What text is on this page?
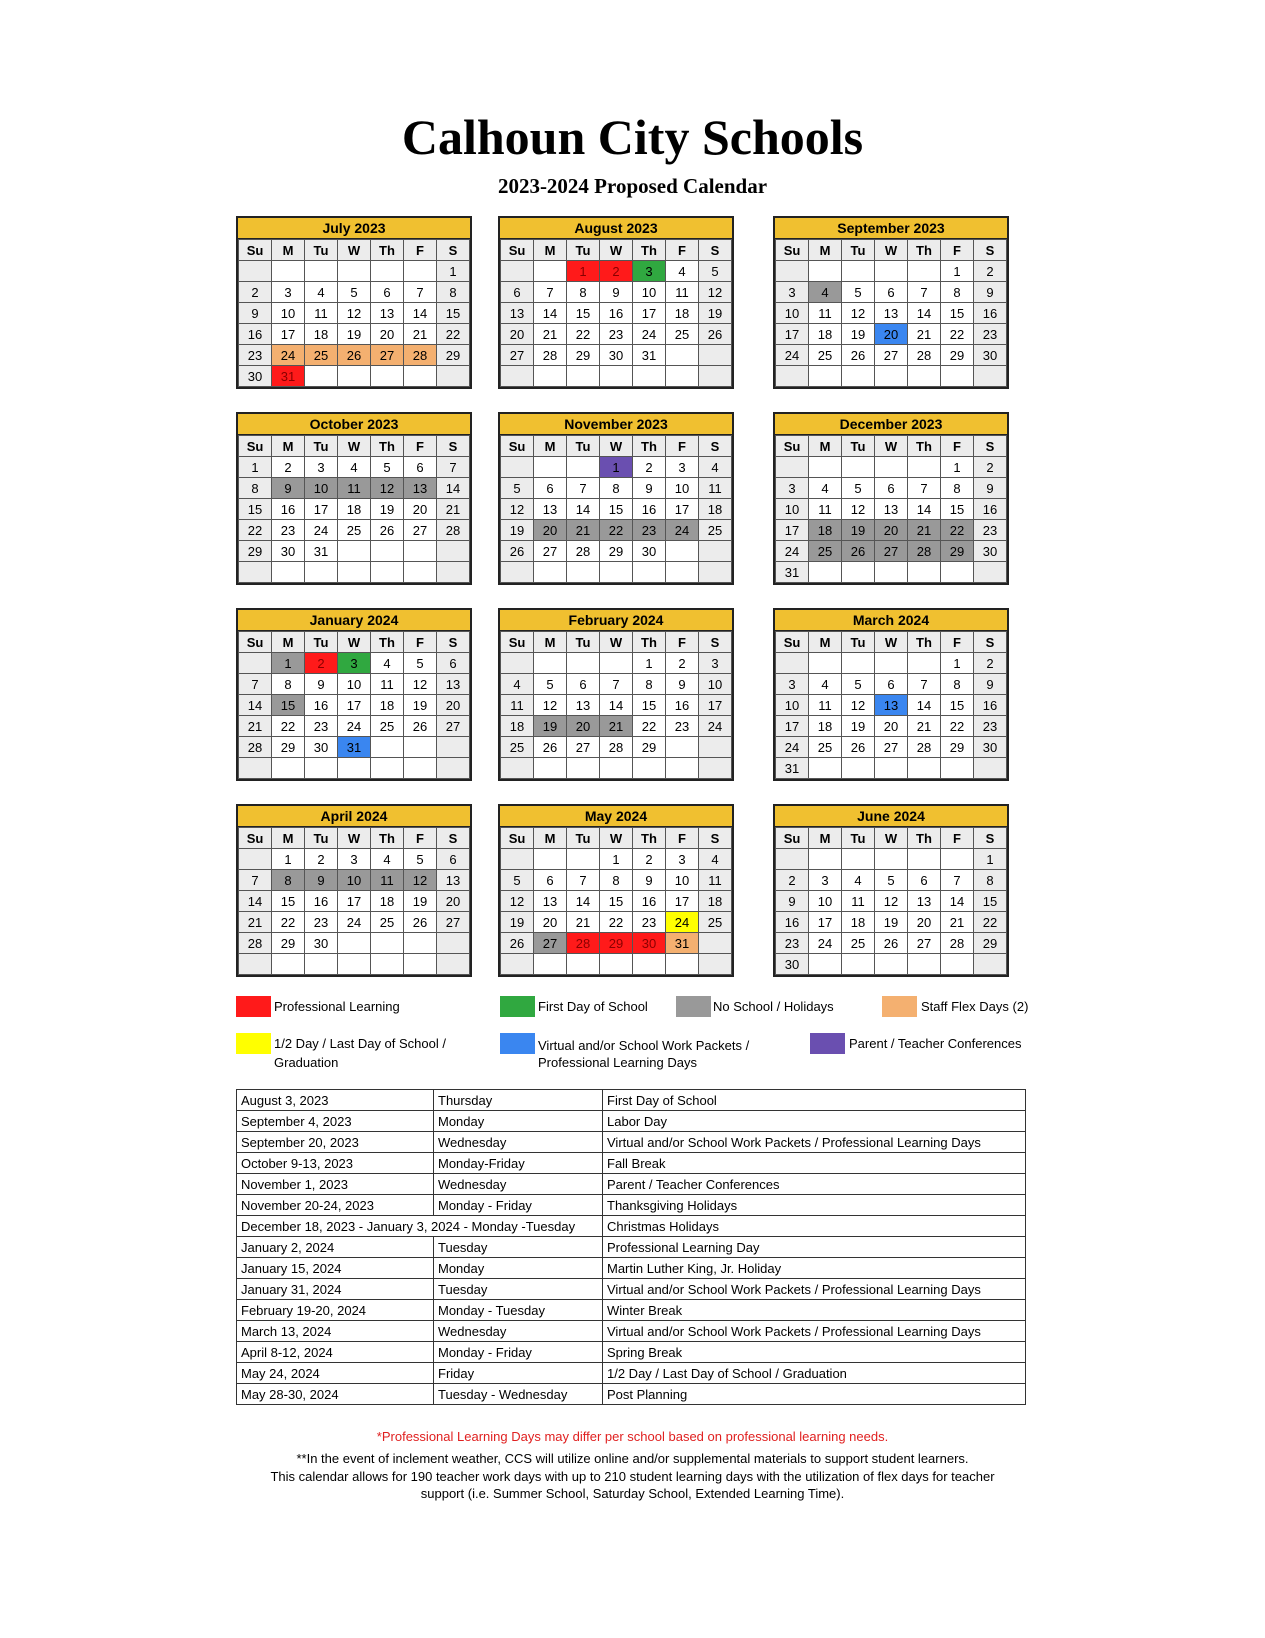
Calhoun City Schools
2023-2024 Proposed Calendar
July 2023
Su	M	Tu	W	Th	F	S
						1
2	3	4	5	6	7	8
9	10	11	12	13	14	15
16	17	18	19	20	21	22
23	24	25	26	27	28	29
30	31					
August 2023
Su	M	Tu	W	Th	F	S
		1	2	3	4	5
6	7	8	9	10	11	12
13	14	15	16	17	18	19
20	21	22	23	24	25	26
27	28	29	30	31		

September 2023
Su	M	Tu	W	Th	F	S
					1	2
3	4	5	6	7	8	9
10	11	12	13	14	15	16
17	18	19	20	21	22	23
24	25	26	27	28	29	30

October 2023
Su	M	Tu	W	Th	F	S
1	2	3	4	5	6	7
8	9	10	11	12	13	14
15	16	17	18	19	20	21
22	23	24	25	26	27	28
29	30	31				

November 2023
Su	M	Tu	W	Th	F	S
			1	2	3	4
5	6	7	8	9	10	11
12	13	14	15	16	17	18
19	20	21	22	23	24	25
26	27	28	29	30		

December 2023
Su	M	Tu	W	Th	F	S
					1	2
3	4	5	6	7	8	9
10	11	12	13	14	15	16
17	18	19	20	21	22	23
24	25	26	27	28	29	30
31						
January 2024
Su	M	Tu	W	Th	F	S
	1	2	3	4	5	6
7	8	9	10	11	12	13
14	15	16	17	18	19	20
21	22	23	24	25	26	27
28	29	30	31			

February 2024
Su	M	Tu	W	Th	F	S
				1	2	3
4	5	6	7	8	9	10
11	12	13	14	15	16	17
18	19	20	21	22	23	24
25	26	27	28	29		

March 2024
Su	M	Tu	W	Th	F	S
					1	2
3	4	5	6	7	8	9
10	11	12	13	14	15	16
17	18	19	20	21	22	23
24	25	26	27	28	29	30
31						
April 2024
Su	M	Tu	W	Th	F	S
	1	2	3	4	5	6
7	8	9	10	11	12	13
14	15	16	17	18	19	20
21	22	23	24	25	26	27
28	29	30				

May 2024
Su	M	Tu	W	Th	F	S
			1	2	3	4
5	6	7	8	9	10	11
12	13	14	15	16	17	18
19	20	21	22	23	24	25
26	27	28	29	30	31	

June 2024
Su	M	Tu	W	Th	F	S
						1
2	3	4	5	6	7	8
9	10	11	12	13	14	15
16	17	18	19	20	21	22
23	24	25	26	27	28	29
30						
Professional Learning	First Day of School	No School / Holidays	Staff Flex Days (2)
1/2 Day / Last Day of School /
Graduation
Virtual and/or School Work Packets /
Professional Learning Days
Parent / Teacher Conferences
August 3, 2023	Thursday	First Day of School
September 4, 2023	Monday	Labor Day
September 20, 2023	Wednesday	Virtual and/or School Work Packets / Professional Learning Days
October 9-13, 2023	Monday-Friday	Fall Break
November 1, 2023	Wednesday	Parent / Teacher Conferences
November 20-24, 2023	Monday - Friday	Thanksgiving Holidays
December 18, 2023 - January 3, 2024 - Monday -Tuesday		Christmas Holidays
January 2, 2024	Tuesday	Professional Learning Day
January 15, 2024	Monday	Martin Luther King, Jr. Holiday
January 31, 2024	Tuesday	Virtual and/or School Work Packets / Professional Learning Days
February 19-20, 2024	Monday - Tuesday	Winter Break
March 13, 2024	Wednesday	Virtual and/or School Work Packets / Professional Learning Days
April 8-12, 2024	Monday - Friday	Spring Break
May 24, 2024	Friday	1/2 Day / Last Day of School / Graduation
May 28-30, 2024	Tuesday - Wednesday	Post Planning
*Professional Learning Days may differ per school based on professional learning needs.
**In the event of inclement weather, CCS will utilize online and/or supplemental materials to support student learners.
This calendar allows for 190 teacher work days with up to 210 student learning days with the utilization of flex days for teacher
support (i.e. Summer School, Saturday School, Extended Learning Time).
